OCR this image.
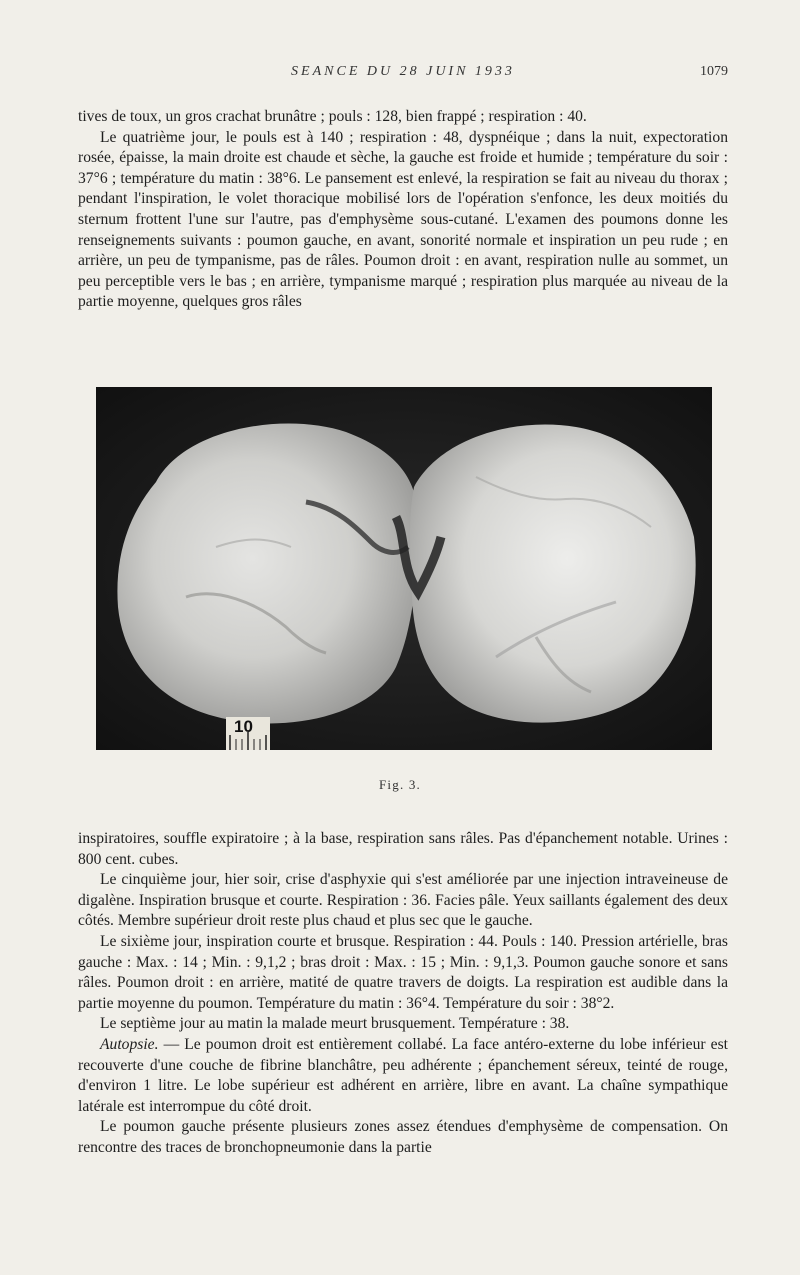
SEANCE DU 28 JUIN 1933	1079

tives de toux, un gros crachat brunâtre ; pouls : 128, bien frappé ; respiration : 40.

Le quatrième jour, le pouls est à 140 ; respiration : 48, dyspnéique ; dans la nuit, expectoration rosée, épaisse, la main droite est chaude et sèche, la gauche est froide et humide ; température du soir : 37°6 ; température du matin : 38°6. Le pansement est enlevé, la respiration se fait au niveau du thorax ; pendant l'inspiration, le volet thoracique mobilisé lors de l'opération s'enfonce, les deux moitiés du sternum frottent l'une sur l'autre, pas d'emphysème sous-cutané. L'examen des poumons donne les renseignements suivants : poumon gauche, en avant, sonorité normale et inspiration un peu rude ; en arrière, un peu de tympanisme, pas de râles. Poumon droit : en avant, respiration nulle au sommet, un peu perceptible vers le bas ; en arrière, tympanisme marqué ; respiration plus marquée au niveau de la partie moyenne, quelques gros râles

10
Fig. 3.

inspiratoires, souffle expiratoire ; à la base, respiration sans râles. Pas d'épanchement notable. Urines : 800 cent. cubes.

Le cinquième jour, hier soir, crise d'asphyxie qui s'est améliorée par une injection intraveineuse de digalène. Inspiration brusque et courte. Respiration : 36. Facies pâle. Yeux saillants également des deux côtés. Membre supérieur droit reste plus chaud et plus sec que le gauche.

Le sixième jour, inspiration courte et brusque. Respiration : 44. Pouls : 140. Pression artérielle, bras gauche : Max. : 14 ; Min. : 9,1,2 ; bras droit : Max. : 15 ; Min. : 9,1,3. Poumon gauche sonore et sans râles. Poumon droit : en arrière, matité de quatre travers de doigts. La respiration est audible dans la partie moyenne du poumon. Température du matin : 36°4. Température du soir : 38°2.

Le septième jour au matin la malade meurt brusquement. Température : 38.

Autopsie. — Le poumon droit est entièrement collabé. La face antéro-externe du lobe inférieur est recouverte d'une couche de fibrine blanchâtre, peu adhérente ; épanchement séreux, teinté de rouge, d'environ 1 litre. Le lobe supérieur est adhérent en arrière, libre en avant. La chaîne sympathique latérale est interrompue du côté droit.

Le poumon gauche présente plusieurs zones assez étendues d'emphysème de compensation. On rencontre des traces de bronchopneumonie dans la partie
